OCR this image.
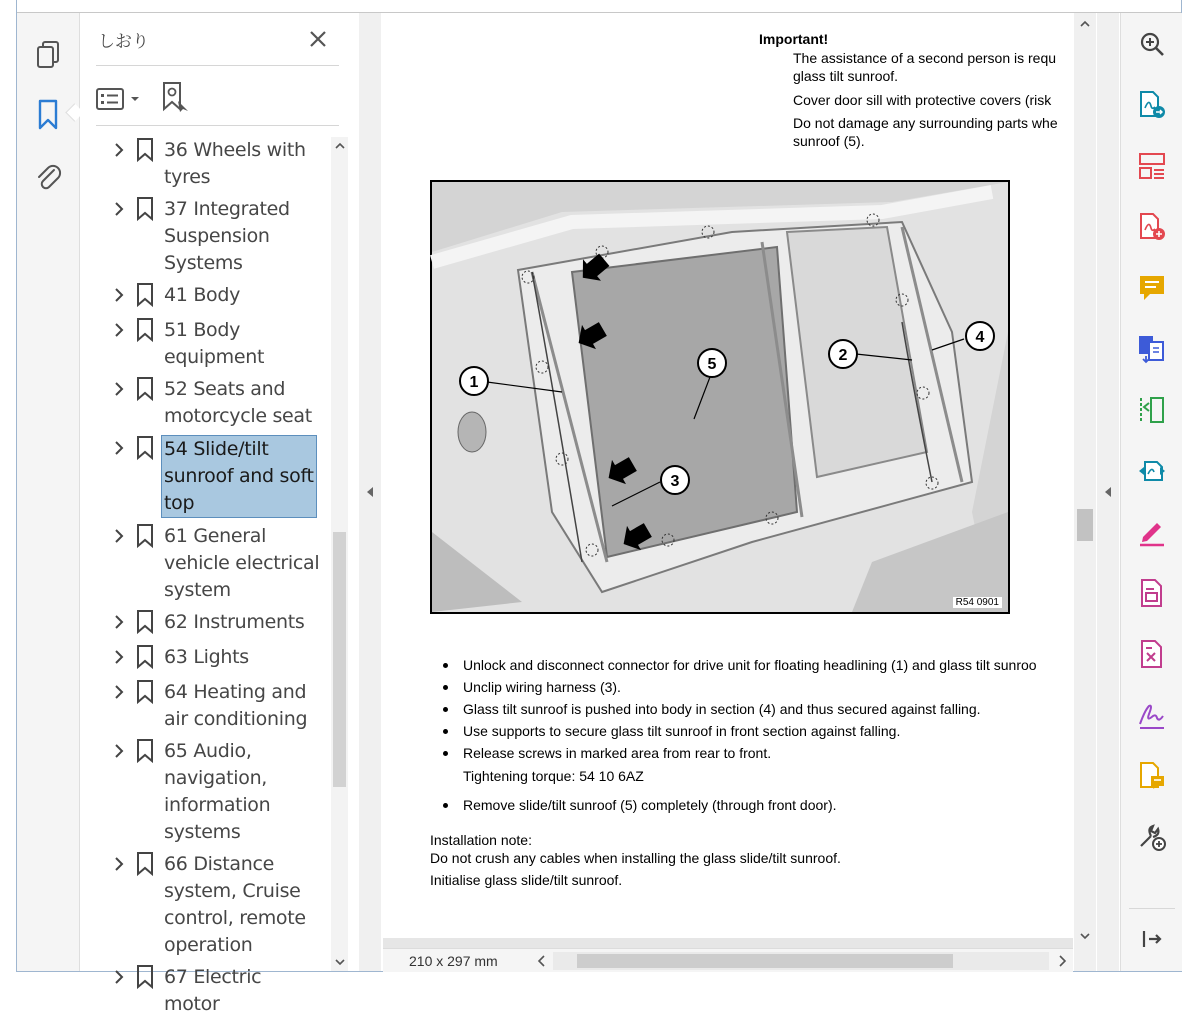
しおり
36 Wheels with tyres
37 Integrated Suspension Systems
41 Body
51 Body equipment
52 Seats and motorcycle seat
54 Slide/tilt sunroof and soft top
61 General vehicle electrical system
62 Instruments
63 Lights
64 Heating and air conditioning
65 Audio, navigation, information systems
66 Distance system, Cruise control, remote operation
67 Electric motor
Important!
The assistance of a second person is requ
glass tilt sunroof.
Cover door sill with protective covers (risk
Do not damage any surrounding parts whe
sunroof (5).
1
2
3
4
5
R54 0901
Unlock and disconnect connector for drive unit for floating headlining (1) and glass tilt sunroo
Unclip wiring harness (3).
Glass tilt sunroof is pushed into body in section (4) and thus secured against falling.
Use supports to secure glass tilt sunroof in front section against falling.
Release screws in marked area from rear to front.
Tightening torque: 54 10 6AZ
Remove slide/tilt sunroof (5) completely (through front door).
Installation note:
Do not crush any cables when installing the glass slide/tilt sunroof.
Initialise glass slide/tilt sunroof.
210 x 297 mm
